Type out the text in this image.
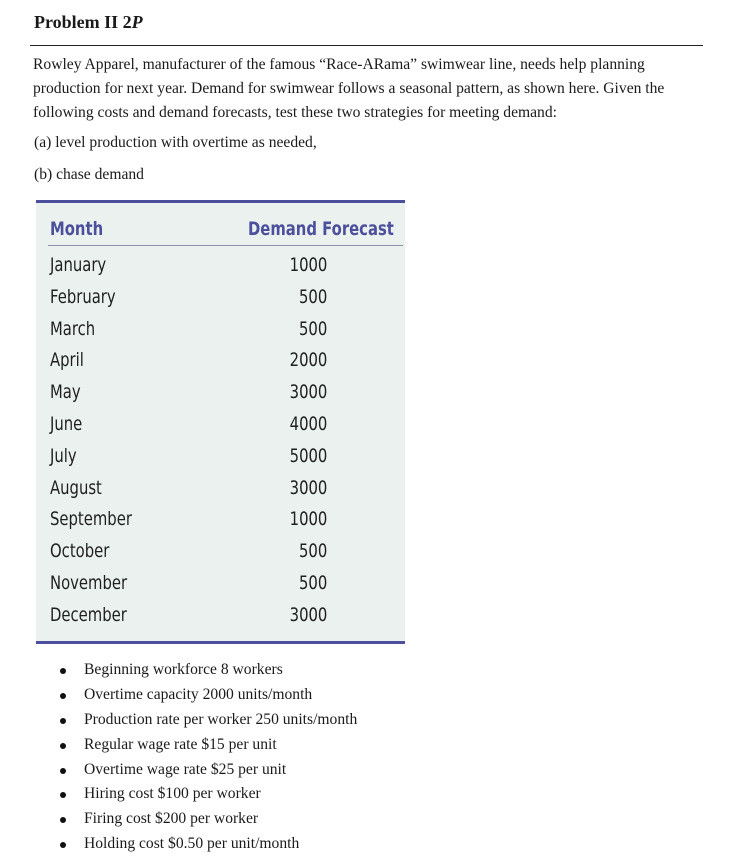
Problem II 2P

Rowley Apparel, manufacturer of the famous “Race-ARama” swimwear line, needs help planning production for next year. Demand for swimwear follows a seasonal pattern, as shown here. Given the following costs and demand forecasts, test these two strategies for meeting demand:

(a) level production with overtime as needed,

(b) chase demand

Month	Demand Forecast
January	1000
February	500
March	500
April	2000
May	3000
June	4000
July	5000
August	3000
September	1000
October	500
November	500
December	3000
Beginning workforce 8 workers
Overtime capacity 2000 units/month
Production rate per worker 250 units/month
Regular wage rate $15 per unit
Overtime wage rate $25 per unit
Hiring cost $100 per worker
Firing cost $200 per worker
Holding cost $0.50 per unit/month
